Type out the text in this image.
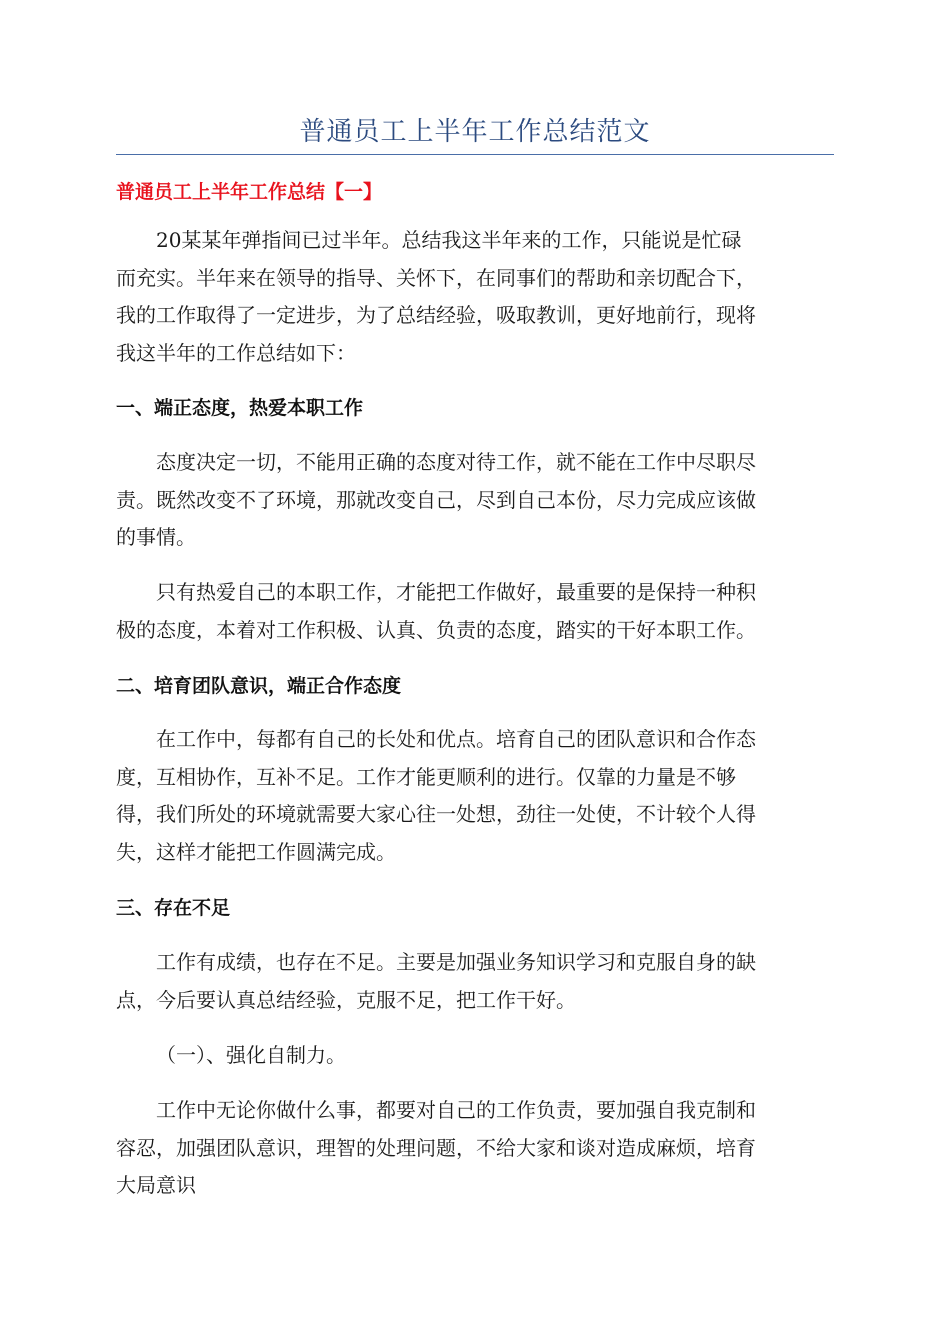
普通员工上半年工作总结范文
普通员工上半年工作总结【一】
20某某年弹指间已过半年。总结我这半年来的工作，只能说是忙碌
而充实。半年来在领导的指导、关怀下，在同事们的帮助和亲切配合下，
我的工作取得了一定进步，为了总结经验，吸取教训，更好地前行，现将
我这半年的工作总结如下：
一、端正态度，热爱本职工作
态度决定一切，不能用正确的态度对待工作，就不能在工作中尽职尽
责。既然改变不了环境，那就改变自己，尽到自己本份，尽力完成应该做
的事情。
只有热爱自己的本职工作，才能把工作做好，最重要的是保持一种积
极的态度，本着对工作积极、认真、负责的态度，踏实的干好本职工作。
二、培育团队意识，端正合作态度
在工作中，每都有自己的长处和优点。培育自己的团队意识和合作态
度，互相协作，互补不足。工作才能更顺利的进行。仅靠的力量是不够
得，我们所处的环境就需要大家心往一处想，劲往一处使，不计较个人得
失，这样才能把工作圆满完成。
三、存在不足
工作有成绩，也存在不足。主要是加强业务知识学习和克服自身的缺
点，今后要认真总结经验，克服不足，把工作干好。
（一）、强化自制力。
工作中无论你做什么事，都要对自己的工作负责，要加强自我克制和
容忍，加强团队意识，理智的处理问题，不给大家和谈对造成麻烦，培育
大局意识
